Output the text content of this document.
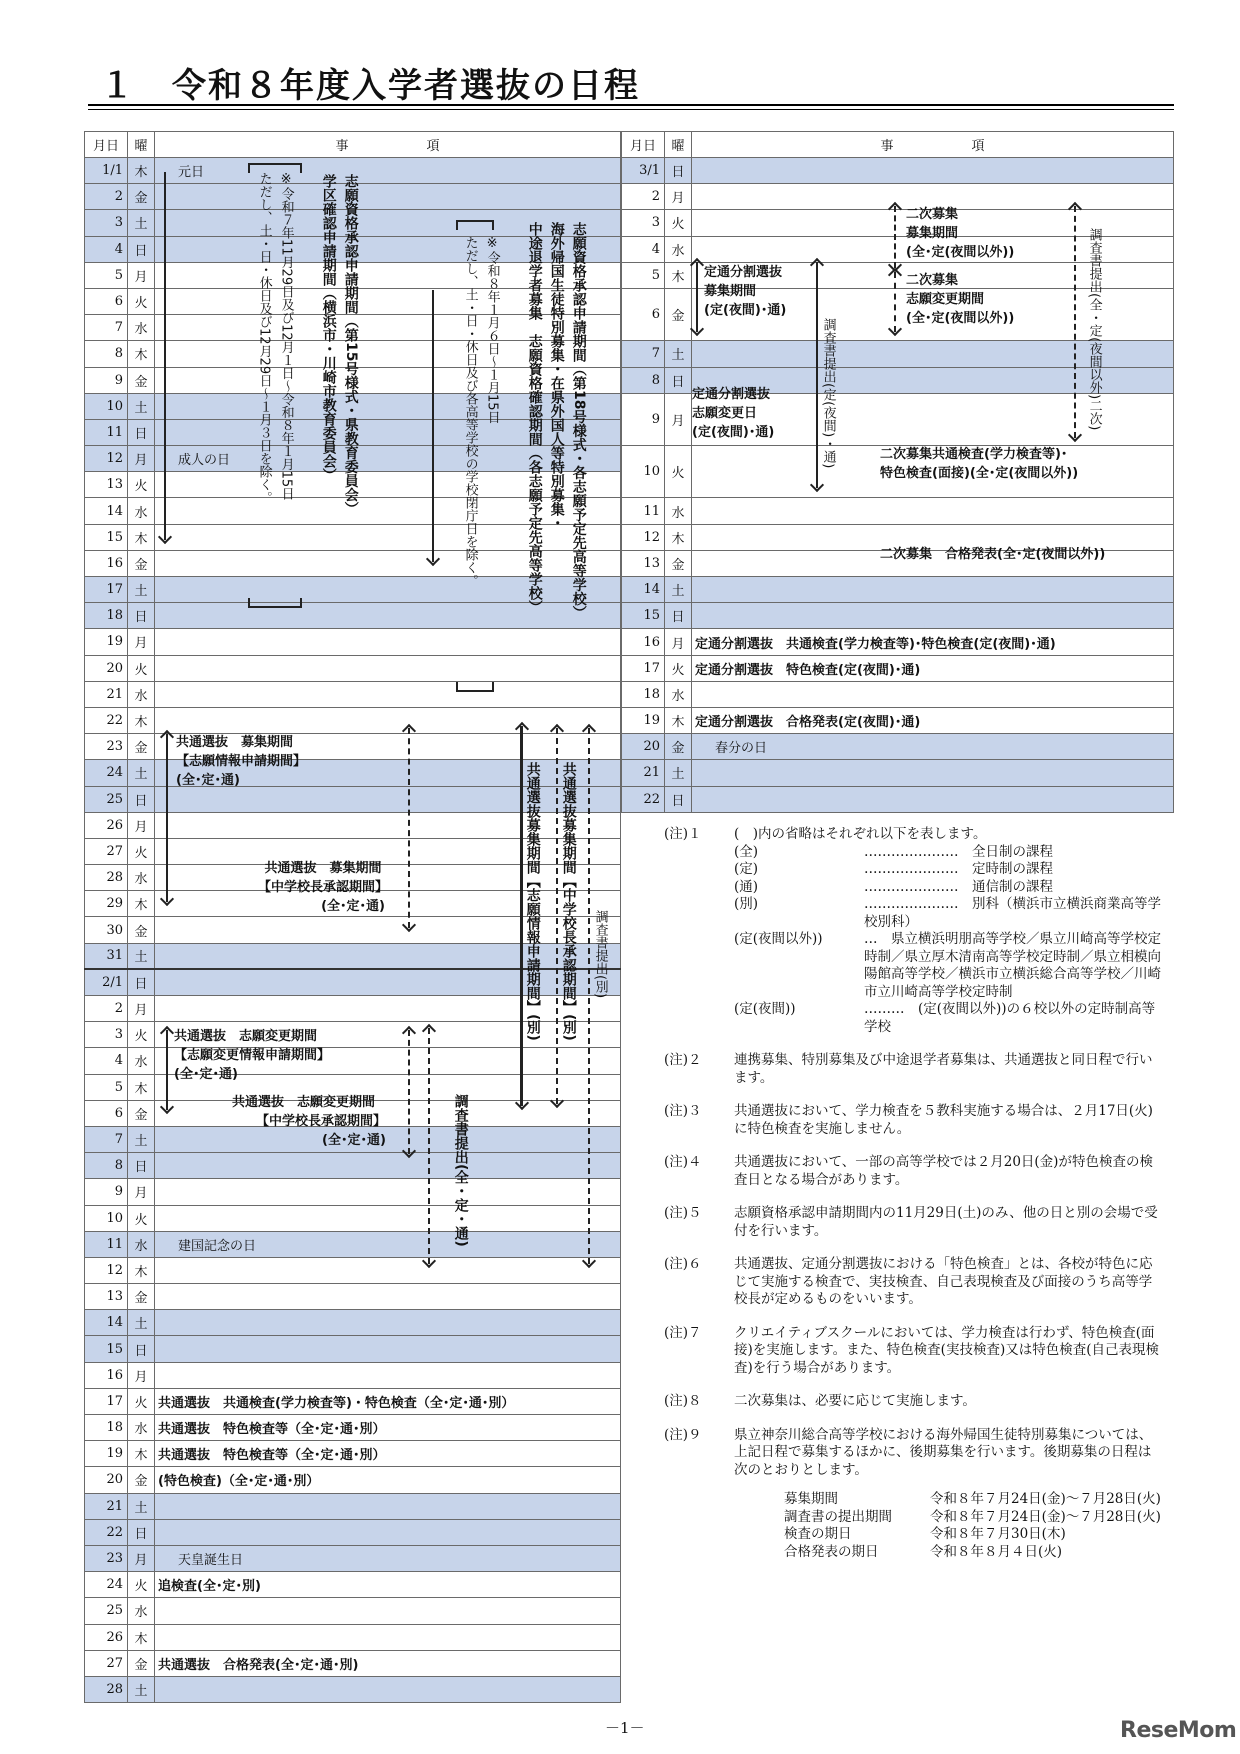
１　令和８年度入学者選抜の日程
月日	曜	事　　　　　　項
1/1	木	元日
2	金	
3	土	
4	日	
5	月	
6	火	
7	水	
8	木	
9	金	
10	土	
11	日	
12	月	成人の日
13	火	
14	水	
15	木	
16	金	
17	土	
18	日	
19	月	
20	火	
21	水	
22	木	
23	金	
24	土	
25	日	
26	月	
27	火	
28	水	
29	木	
30	金	
31	土	
2/1	日	
2	月	
3	火	
4	水	
5	木	
6	金	
7	土	
8	日	
9	月	
10	火	
11	水	建国記念の日
12	木	
13	金	
14	土	
15	日	
16	月	
17	火	共通選抜　共通検査(学力検査等)・特色検査（全･定･通･別）
18	水	共通選抜　特色検査等（全･定･通･別）
19	木	共通選抜　特色検査等（全･定･通･別）
20	金	(特色検査)（全･定･通･別）
21	土	
22	日	
23	月	天皇誕生日
24	火	追検査(全･定･別)
25	水	
26	木	
27	金	共通選抜　合格発表(全･定･通･別)
28	土	
月日	曜	事　　　　　　項
3/1	日	
2	月	
3	火	
4	水	
5	木	
6	金	
7	土	
8	日	
9	月	
10	火	
11	水	
12	木	
13	金	
14	土	
15	日	
16	月	定通分割選抜　共通検査(学力検査等)･特色検査(定(夜間)･通)
17	火	定通分割選抜　特色検査(定(夜間)･通)
18	水	
19	木	定通分割選抜　合格発表(定(夜間)･通)
20	金	春分の日
21	土	
22	日	
※令和７年11月29日及び12月１日～令和８年１月15日
ただし、土・日・休日及び12月29日～１月３日を除く。	志願資格承認申請期間（第15号様式・県教育委員会）
学区確認申請期間（横浜市・川崎市教育委員会）	※令和８年１月６日～１月15日
ただし、土・日・休日及び各高等学校の学校閉庁日を除く。	志願資格承認申請期間（第18号様式・各志願予定先高等学校）
海外帰国生徒特別募集・在県外国人等特別募集・
中途退学者募集　志願資格確認期間（各志願予定先高等学校）
共通選抜　募集期間
【志願情報申請期間】
(全･定･通)
共通選抜　募集期間
【中学校長承認期間】
(全･定･通)
共通選抜　志願変更期間
【志願変更情報申請期間】
(全･定･通)
共通選抜　志願変更期間
【中学校長承認期間】
(全･定･通)	調査書提出(全・定・通)
共通選抜募集期間【志願情報申請期間】(別) 共通選抜募集期間【中学校長承認期間】(別) 調査書提出(別)
二次募集
募集期間
(全･定(夜間以外))
二次募集
志願変更期間
(全･定(夜間以外))	調査書提出(全・定(夜間以外)二次)
定通分割選抜
募集期間
(定(夜間)･通)
調査書提出(定(夜間)・通)
定通分割選抜
志願変更日
(定(夜間)･通)
二次募集共通検査(学力検査等)･
特色検査(面接)(全･定(夜間以外))
二次募集　合格発表(全･定(夜間以外))
(注)１ (　)内の省略はそれぞれ以下を表します。
(全)	…………………　全日制の課程
(定)	…………………　定時制の課程
(通)	…………………　通信制の課程
(別)	…………………　別科（横浜市立横浜商業高等学校別科）
(定(夜間以外))	…　県立横浜明朋高等学校／県立川崎高等学校定時制／県立厚木清南高等学校定時制／県立相模向陽館高等学校／横浜市立横浜総合高等学校／川崎市立川崎高等学校定時制
(定(夜間))	………　(定(夜間以外))の６校以外の定時制高等学校
(注)２ 連携募集、特別募集及び中途退学者募集は、共通選抜と同日程で行います。
(注)３ 共通選抜において、学力検査を５教科実施する場合は、２月17日(火)に特色検査を実施しません。
(注)４ 共通選抜において、一部の高等学校では２月20日(金)が特色検査の検査日となる場合があります。
(注)５ 志願資格承認申請期間内の11月29日(土)のみ、他の日と別の会場で受付を行います。
(注)６ 共通選抜、定通分割選抜における「特色検査」とは、各校が特色に応じて実施する検査で、実技検査、自己表現検査及び面接のうち高等学校長が定めるものをいいます。
(注)７ クリエイティブスクールにおいては、学力検査は行わず、特色検査(面接)を実施します。また、特色検査(実技検査)又は特色検査(自己表現検査)を行う場合があります。
(注)８ 二次募集は、必要に応じて実施します。
(注)９ 県立神奈川総合高等学校における海外帰国生徒特別募集については、上記日程で募集するほかに、後期募集を行います。後期募集の日程は次のとおりとします。
募集期間	令和８年７月24日(金)～７月28日(火)
調査書の提出期間	令和８年７月24日(金)～７月28日(火)
検査の期日	令和８年７月30日(木)
合格発表の期日	令和８年８月４日(火)
－1－	ReseMom
